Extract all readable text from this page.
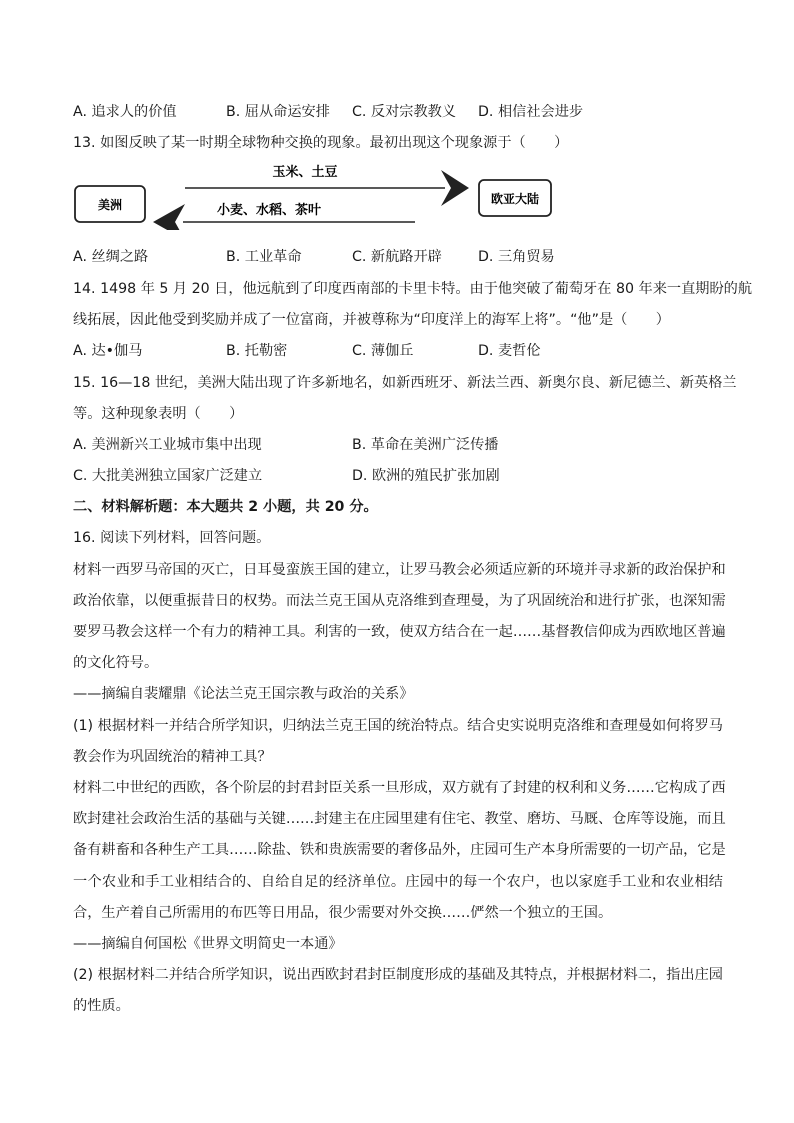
A. 追求人的价值	B. 屈从命运安排 C. 反对宗教教义 D. 相信社会进步
13. 如图反映了某一时期全球物种交换的现象。最初出现这个现象源于（　　）
美洲	欧亚大陆
玉米、土豆
小麦、水稻、茶叶
A. 丝绸之路	B. 工业革命	C. 新航路开辟	D. 三角贸易
14. 1498 年 5 月 20 日，他远航到了印度西南部的卡里卡特。由于他突破了葡萄牙在 80 年来一直期盼的航
线拓展，因此他受到奖励并成了一位富商，并被尊称为“印度洋上的海军上将”。“他”是（　　）
A. 达•伽马	B. 托勒密	C. 薄伽丘	D. 麦哲伦
15. 16—18 世纪，美洲大陆出现了许多新地名，如新西班牙、新法兰西、新奥尔良、新尼德兰、新英格兰
等。这种现象表明（　　）
A. 美洲新兴工业城市集中出现	B. 革命在美洲广泛传播
C. 大批美洲独立国家广泛建立	D. 欧洲的殖民扩张加剧
二、材料解析题：本大题共 2 小题，共 20 分。
16. 阅读下列材料，回答问题。
材料一西罗马帝国的灭亡，日耳曼蛮族王国的建立，让罗马教会必须适应新的环境并寻求新的政治保护和
政治依靠，以便重振昔日的权势。而法兰克王国从克洛维到查理曼，为了巩固统治和进行扩张，也深知需
要罗马教会这样一个有力的精神工具。利害的一致，使双方结合在一起……基督教信仰成为西欧地区普遍
的文化符号。
——摘编自裴耀鼎《论法兰克王国宗教与政治的关系》
(1) 根据材料一并结合所学知识，归纳法兰克王国的统治特点。结合史实说明克洛维和查理曼如何将罗马
教会作为巩固统治的精神工具？
材料二中世纪的西欧，各个阶层的封君封臣关系一旦形成，双方就有了封建的权利和义务……它构成了西
欧封建社会政治生活的基础与关键……封建主在庄园里建有住宅、教堂、磨坊、马厩、仓库等设施，而且
备有耕畜和各种生产工具……除盐、铁和贵族需要的奢侈品外，庄园可生产本身所需要的一切产品，它是
一个农业和手工业相结合的、自给自足的经济单位。庄园中的每一个农户，也以家庭手工业和农业相结
合，生产着自己所需用的布匹等日用品，很少需要对外交换……俨然一个独立的王国。
——摘编自何国松《世界文明简史一本通》
(2) 根据材料二并结合所学知识，说出西欧封君封臣制度形成的基础及其特点，并根据材料二，指出庄园
的性质。
